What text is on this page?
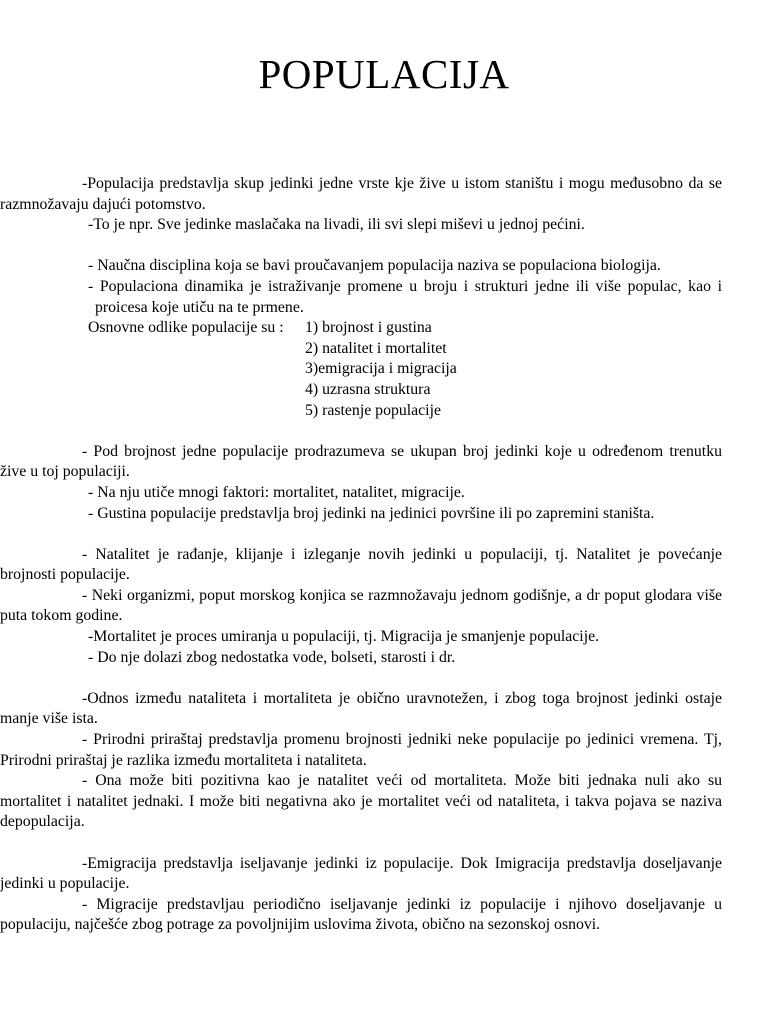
POPULACIJA

-Populacija predstavlja skup jedinki jedne vrste kje žive u istom staništu i mogu međusobno da se razmnožavaju dajući potomstvo.

-To je npr. Sve jedinke maslačaka na livadi, ili svi slepi miševi u jednoj pećini.

- Naučna disciplina koja se bavi proučavanjem populacija naziva se populaciona biologija.

- Populaciona dinamika je istraživanje promene u broju i strukturi jedne ili više populac, kao i proicesa koje utiču na te prmene.

Osnovne odlike populacije su :	1) brojnost i gustina
2) natalitet i mortalitet
3)emigracija i migracija
4) uzrasna struktura
5) rastenje populacije

- Pod brojnost jedne populacije prodrazumeva se ukupan broj jedinki koje u određenom trenutku žive u toj populaciji.

- Na nju utiče mnogi faktori: mortalitet, natalitet, migracije.

- Gustina populacije predstavlja broj jedinki na jedinici površine ili po zapremini staništa.

- Natalitet je rađanje, klijanje i izleganje novih jedinki u populaciji, tj. Natalitet je povećanje brojnosti populacije.

- Neki organizmi, poput morskog konjica se razmnožavaju jednom godišnje, a dr poput glodara više puta tokom godine.

-Mortalitet je proces umiranja u populaciji, tj. Migracija je smanjenje populacije.

- Do nje dolazi zbog nedostatka vode, bolseti, starosti i dr.

-Odnos između nataliteta i mortaliteta je obično uravnotežen, i zbog toga brojnost jedinki ostaje manje više ista.

- Prirodni priraštaj predstavlja promenu brojnosti jedniki neke populacije po jedinici vremena. Tj, Prirodni priraštaj je razlika između mortaliteta i nataliteta.

- Ona može biti pozitivna kao je natalitet veći od mortaliteta. Može biti jednaka nuli ako su mortalitet i natalitet jednaki. I može biti negativna ako je mortalitet veći od nataliteta, i takva pojava se naziva depopulacija.

-Emigracija predstavlja iseljavanje jedinki iz populacije. Dok Imigracija predstavlja doseljavanje jedinki u populacije.

- Migracije predstavljau periodično iseljavanje jedinki iz populacije i njihovo doseljavanje u populaciju, najčešće zbog potrage za povoljnijim uslovima života, obično na sezonskoj osnovi.
